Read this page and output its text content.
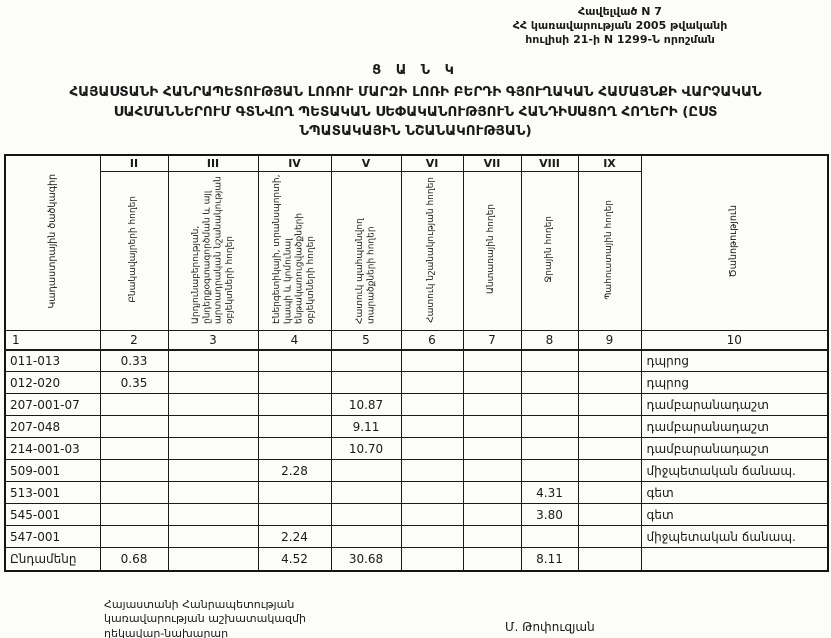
Հավելված N 7
ՀՀ կառավարության 2005 թվականի
հուլիսի 21-ի N 1299-Ն որոշման
Ց Ա Ն Կ
ՀԱՅԱՍՏԱՆԻ ՀԱՆՐԱՊԵՏՈՒԹՅԱՆ ԼՈՌՈՒ ՄԱՐԶԻ ԼՈՌԻ ԲԵՐԴԻ ԳՅՈՒՂԱԿԱՆ ՀԱՄԱՅՆՔԻ ՎԱՐՉԱԿԱՆ
ՍԱՀՄԱՆՆԵՐՈՒՄ ԳՏՆՎՈՂ ՊԵՏԱԿԱՆ ՍԵՓԱԿԱՆՈՒԹՅՈՒՆ ՀԱՆԴԻՍԱՑՈՂ ՀՈՂԵՐԻ (ԸՍՏ
ՆՊԱՏԱԿԱՅԻՆ ՆՇԱՆԱԿՈՒԹՅԱՆ)
Կադաստրային ծածկագիր	II	III	IV	V	VI	VII	VIII	IX	Ծանոթություն
	Բնակավայրերի հողեր	Արդյունաբերության, ընդերքօգտագործման և այլ արտադրական նշանակության օբյեկտների հողեր	Էներգետիկայի, տրանսպորտի, կապի և կոմունալ ենթակառուցվածքների օբյեկտների հողեր	Հատուկ պահպանվող տարածքների հողեր	Հատուկ նշանակության հողեր	Անտառային հողեր	Ջրային հողեր	Պահուստային հողեր	
1	2	3	4	5	6	7	8	9	10
011-013	0.33								դպրոց
012-020	0.35								դպրոց
207-001-07				10.87					դամբարանադաշտ
207-048				9.11					դամբարանադաշտ
214-001-03				10.70					դամբարանադաշտ
509-001			2.28						միջպետական ճանապ.
513-001							4.31		գետ
545-001							3.80		գետ
547-001			2.24						միջպետական ճանապ.
Ընդամենը	0.68		4.52	30.68			8.11		
Հայաստանի Հանրապետության
կառավարության աշխատակազմի
ղեկավար-նախարար	Մ. Թոփուզյան
